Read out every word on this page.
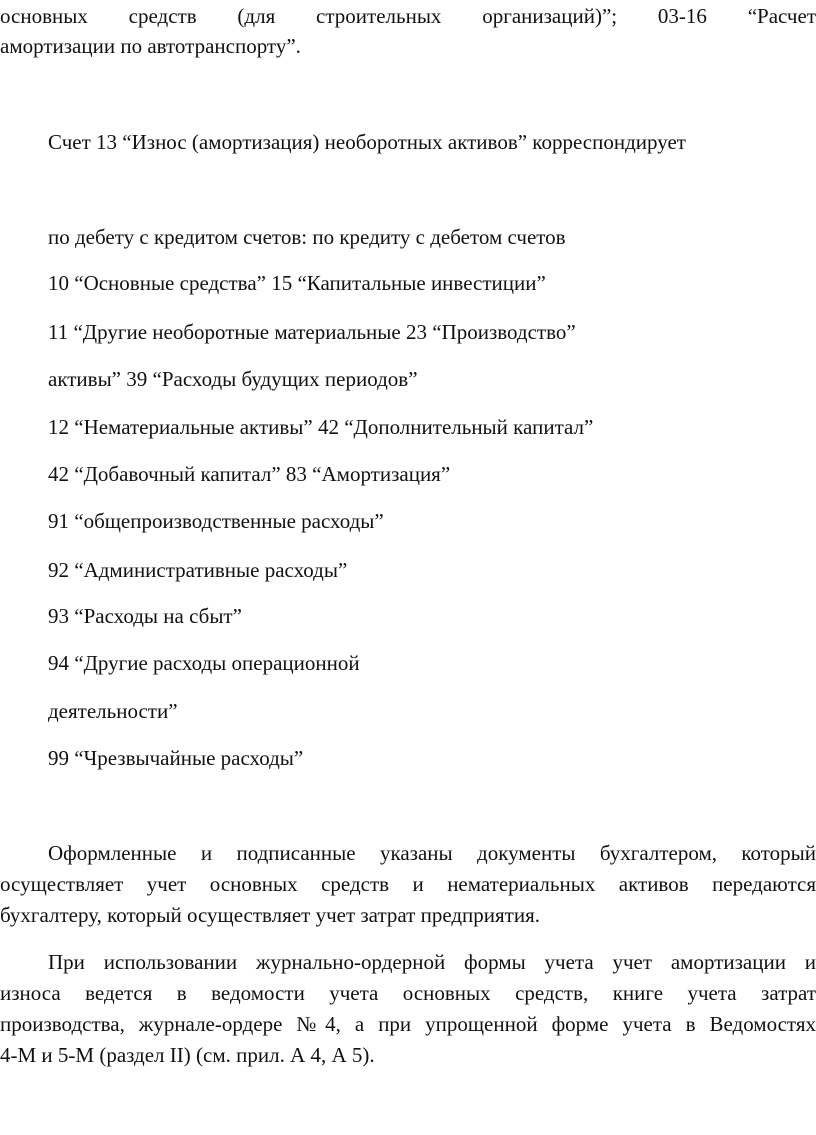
основных средств (для строительных организаций)”; 03-16 “Расчет
амортизации по автотранспорту”.
Счет 13 “Износ (амортизация) необоротных активов” корреспондирует
по дебету с кредитом счетов: по кредиту с дебетом счетов
10 “Основные средства” 15 “Капитальные инвестиции”
11 “Другие необоротные материальные 23 “Производство”
активы” 39 “Расходы будущих периодов”
12 “Нематериальные активы” 42 “Дополнительный капитал”
42 “Добавочный капитал” 83 “Амортизация”
91 “общепроизводственные расходы”
92 “Административные расходы”
93 “Расходы на сбыт”
94 “Другие расходы операционной
деятельности”
99 “Чрезвычайные расходы”
Оформленные и подписанные указаны документы бухгалтером, который
осуществляет учет основных средств и нематериальных активов передаются
бухгалтеру, который осуществляет учет затрат предприятия.
При использовании журнально-ордерной формы учета учет амортизации и
износа ведется в ведомости учета основных средств, книге учета затрат
производства, журнале-ордере №4, а при упрощенной форме учета в Ведомостях
4-М и 5-М (раздел II) (см. прил. А 4, А 5).
